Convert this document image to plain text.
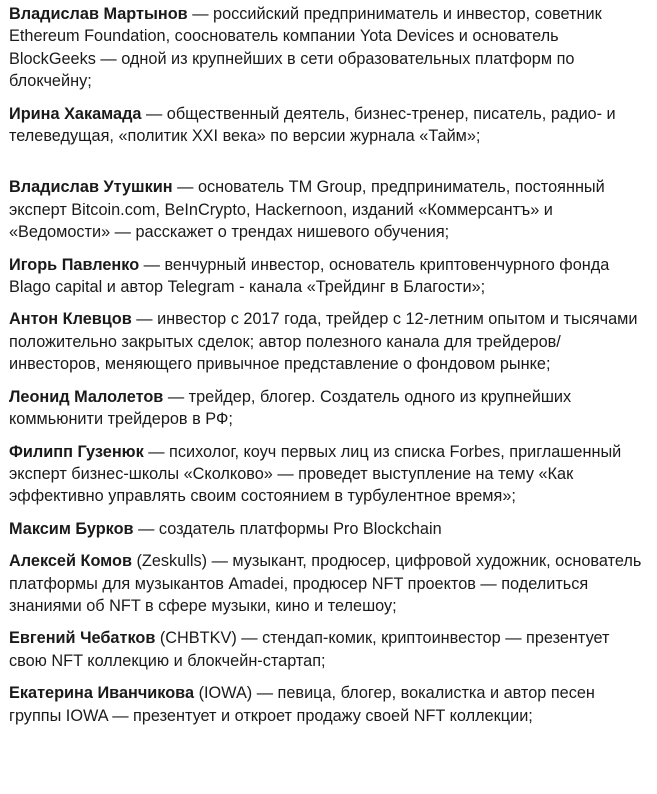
Владислав Мартынов — российский предприниматель и инвестор, советник Ethereum Foundation, сооснователь компании Yota Devices и основатель BlockGeeks — одной из крупнейших в сети образовательных платформ по блокчейну;

Ирина Хакамада — общественный деятель, бизнес-тренер, писатель, радио- и телеведущая, «политик XXI века» по версии журнала «Тайм»;

Владислав Утушкин — основатель TM Group, предприниматель, постоянный эксперт Bitcoin.com, BeInCrypto, Hackernoon, изданий «Коммерсантъ» и «Ведомости» — расскажет о трендах нишевого обучения;

Игорь Павленко — венчурный инвестор, основатель криптовенчурного фонда Blago capital и автор Telegram - канала «Трейдинг в Благости»;

Антон Клевцов — инвестор с 2017 года, трейдер с 12-летним опытом и тысячами положительно закрытых сделок; автор полезного канала для трейдеров/инвесторов, меняющего привычное представление о фондовом рынке;

Леонид Малолетов — трейдер, блогер. Создатель одного из крупнейших коммьюнити трейдеров в РФ;

Филипп Гузенюк — психолог, коуч первых лиц из списка Forbes, приглашенный эксперт бизнес-школы «Сколково» — проведет выступление на тему «Как эффективно управлять своим состоянием в турбулентное время»;

Максим Бурков — создатель платформы Pro Blockchain

Алексей Комов (Zeskulls) — музыкант, продюсер, цифровой художник, основатель платформы для музыкантов Amadei, продюсер NFT проектов — поделиться знаниями об NFT в сфере музыки, кино и телешоу;

Евгений Чебатков (CHBTKV) — стендап-комик, криптоинвестор — презентует свою NFT коллекцию и блокчейн-стартап;

Екатерина Иванчикова (IOWA) — певица, блогер, вокалистка и автор песен группы IOWA — презентует и откроет продажу своей NFT коллекции;
